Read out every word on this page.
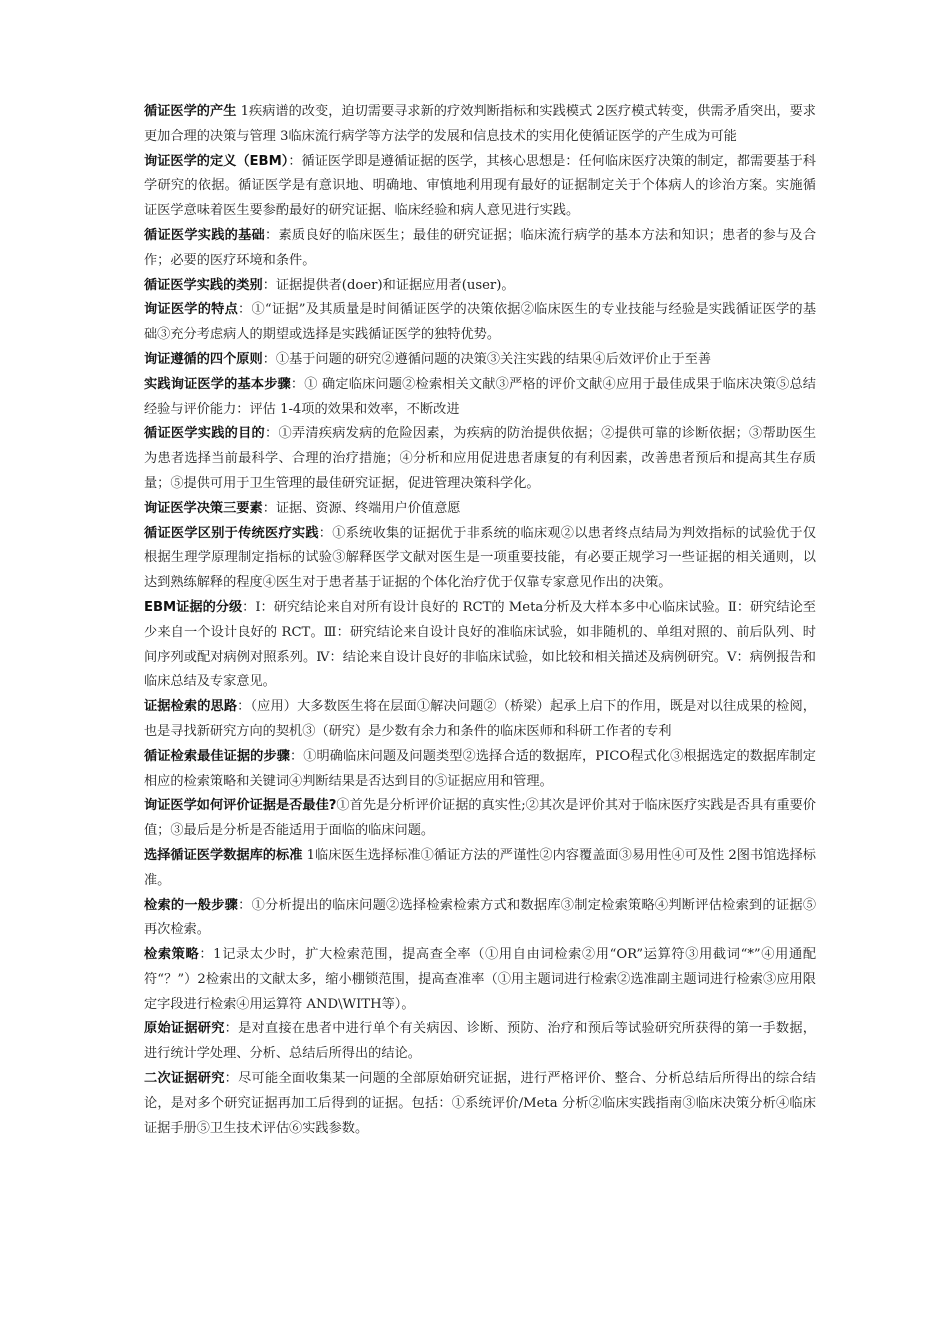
循证医学的产生 1疾病谱的改变，迫切需要寻求新的疗效判断指标和实践模式 2医疗模式转变，供需矛盾突出，要求更加合理的决策与管理 3临床流行病学等方法学的发展和信息技术的实用化使循证医学的产生成为可能

询证医学的定义（EBM）：循证医学即是遵循证据的医学，其核心思想是：任何临床医疗决策的制定，都需要基于科学研究的依据。循证医学是有意识地、明确地、审慎地利用现有最好的证据制定关于个体病人的诊治方案。实施循证医学意味着医生要参酌最好的研究证据、临床经验和病人意见进行实践。

循证医学实践的基础：素质良好的临床医生；最佳的研究证据；临床流行病学的基本方法和知识；患者的参与及合作；必要的医疗环境和条件。

循证医学实践的类别：证据提供者(doer)和证据应用者(user)。

询证医学的特点：①“证据”及其质量是时间循证医学的决策依据②临床医生的专业技能与经验是实践循证医学的基础③充分考虑病人的期望或选择是实践循证医学的独特优势。

询证遵循的四个原则：①基于问题的研究②遵循问题的决策③关注实践的结果④后效评价止于至善

实践询证医学的基本步骤：① 确定临床问题②检索相关文献③严格的评价文献④应用于最佳成果于临床决策⑤总结经验与评价能力：评估 1-4项的效果和效率，不断改进

循证医学实践的目的：①弄清疾病发病的危险因素，为疾病的防治提供依据；②提供可靠的诊断依据；③帮助医生为患者选择当前最科学、合理的治疗措施；④分析和应用促进患者康复的有利因素，改善患者预后和提高其生存质量；⑤提供可用于卫生管理的最佳研究证据，促进管理决策科学化。

询证医学决策三要素：证据、资源、终端用户价值意愿

循证医学区别于传统医疗实践：①系统收集的证据优于非系统的临床观②以患者终点结局为判效指标的试验优于仅根据生理学原理制定指标的试验③解释医学文献对医生是一项重要技能，有必要正规学习一些证据的相关通则，以达到熟练解释的程度④医生对于患者基于证据的个体化治疗优于仅靠专家意见作出的决策。

EBM证据的分级：I：研究结论来自对所有设计良好的 RCT的 Meta分析及大样本多中心临床试验。Ⅱ：研究结论至少来自一个设计良好的 RCT。Ⅲ：研究结论来自设计良好的准临床试验，如非随机的、单组对照的、前后队列、时间序列或配对病例对照系列。Ⅳ：结论来自设计良好的非临床试验，如比较和相关描述及病例研究。Ⅴ：病例报告和临床总结及专家意见。

证据检索的思路：（应用）大多数医生将在层面①解决问题②（桥梁）起承上启下的作用，既是对以往成果的检阅，也是寻找新研究方向的契机③（研究）是少数有余力和条件的临床医师和科研工作者的专利

循证检索最佳证据的步骤：①明确临床问题及问题类型②选择合适的数据库，PICO程式化③根据选定的数据库制定相应的检索策略和关键词④判断结果是否达到目的⑤证据应用和管理。

询证医学如何评价证据是否最佳?①首先是分析评价证据的真实性;②其次是评价其对于临床医疗实践是否具有重要价值；③最后是分析是否能适用于面临的临床问题。

选择循证医学数据库的标准 1临床医生选择标准①循证方法的严谨性②内容覆盖面③易用性④可及性 2图书馆选择标准。

检索的一般步骤：①分析提出的临床问题②选择检索检索方式和数据库③制定检索策略④判断评估检索到的证据⑤再次检索。

检索策略：1记录太少时，扩大检索范围，提高查全率（①用自由词检索②用“OR”运算符③用截词“*”④用通配符“？”）2检索出的文献太多，缩小棚锁范围，提高查准率（①用主题词进行检索②选准副主题词进行检索③应用限定字段进行检索④用运算符 AND\WITH等）。

原始证据研究：是对直接在患者中进行单个有关病因、诊断、预防、治疗和预后等试验研究所获得的第一手数据，进行统计学处理、分析、总结后所得出的结论。

二次证据研究：尽可能全面收集某一问题的全部原始研究证据，进行严格评价、整合、分析总结后所得出的综合结论，是对多个研究证据再加工后得到的证据。包括：①系统评价/Meta 分析②临床实践指南③临床决策分析④临床证据手册⑤卫生技术评估⑥实践参数。
